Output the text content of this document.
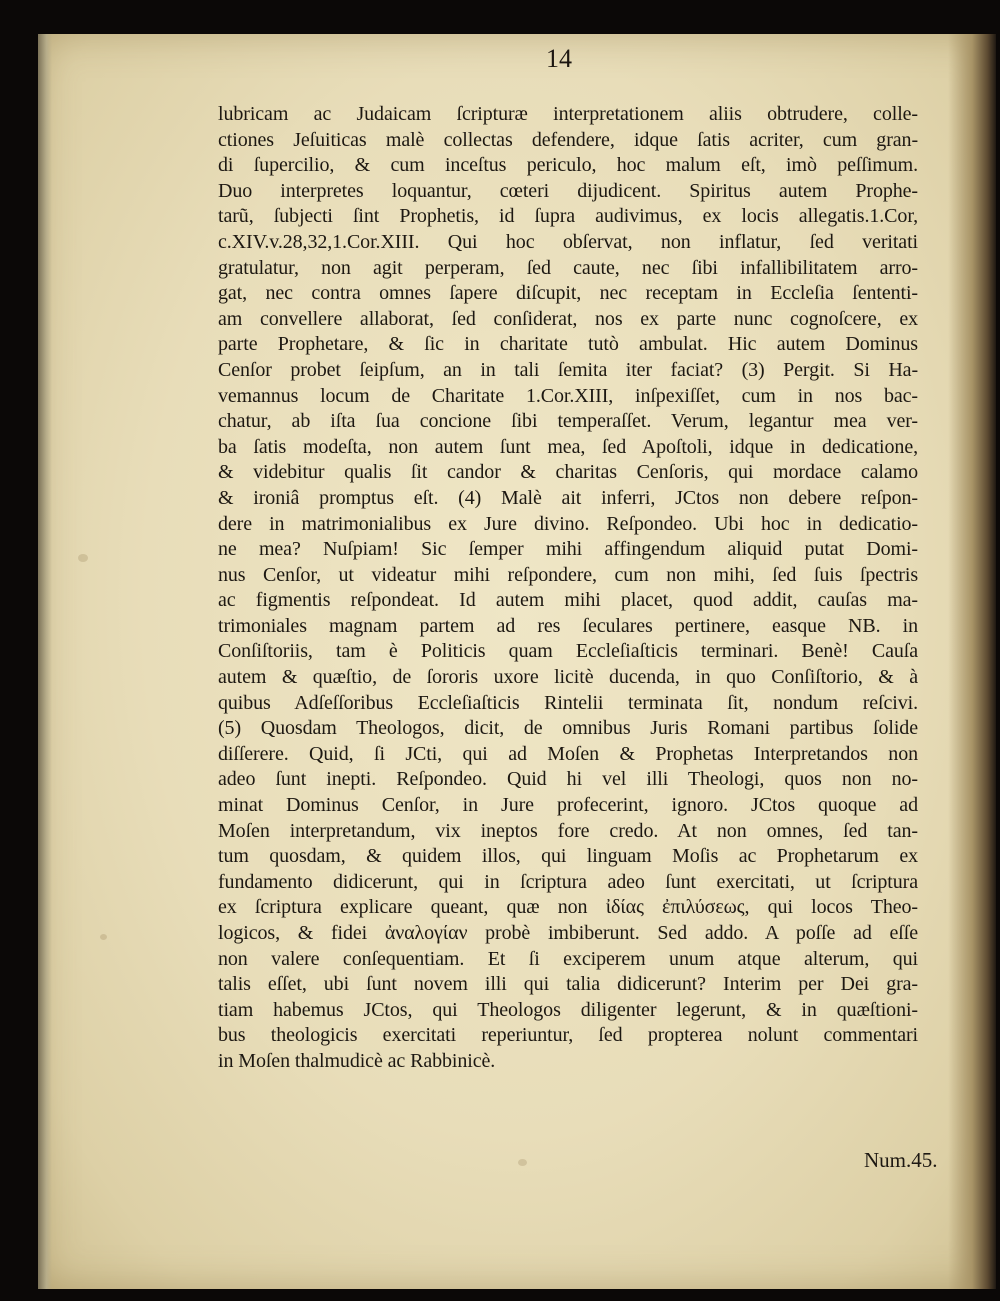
14
lubricam ac Judaicam ſcripturæ interpretationem aliis obtrudere, colle-
ctiones Jeſuiticas malè collectas defendere, idque ſatis acriter, cum gran-
di ſupercilio, & cum inceſtus periculo, hoc malum eſt, imò peſſimum.
Duo interpretes loquantur, cœteri dijudicent. Spiritus autem Prophe-
tarũ, ſubjecti ſint Prophetis, id ſupra audivimus, ex locis allegatis.1.Cor,
c.XIV.v.28,32,1.Cor.XIII. Qui hoc obſervat, non inflatur, ſed veritati
gratulatur, non agit perperam, ſed caute, nec ſibi infallibilitatem arro-
gat, nec contra omnes ſapere diſcupit, nec receptam in Eccleſia ſententi-
am convellere allaborat, ſed conſiderat, nos ex parte nunc cognoſcere, ex
parte Prophetare, & ſic in charitate tutò ambulat. Hic autem Dominus
Cenſor probet ſeipſum, an in tali ſemita iter faciat? (3) Pergit. Si Ha-
vemannus locum de Charitate 1.Cor.XIII, inſpexiſſet, cum in nos bac-
chatur, ab iſta ſua concione ſibi temperaſſet. Verum, legantur mea ver-
ba ſatis modeſta, non autem ſunt mea, ſed Apoſtoli, idque in dedicatione,
& videbitur qualis ſit candor & charitas Cenſoris, qui mordace calamo
& ironiâ promptus eſt. (4) Malè ait inferri, JCtos non debere reſpon-
dere in matrimonialibus ex Jure divino. Reſpondeo. Ubi hoc in dedicatio-
ne mea? Nuſpiam! Sic ſemper mihi affingendum aliquid putat Domi-
nus Cenſor, ut videatur mihi reſpondere, cum non mihi, ſed ſuis ſpectris
ac figmentis reſpondeat. Id autem mihi placet, quod addit, cauſas ma-
trimoniales magnam partem ad res ſeculares pertinere, easque NB. in
Conſiſtoriis, tam è Politicis quam Eccleſiaſticis terminari. Benè! Cauſa
autem & quæſtio, de ſororis uxore licitè ducenda, in quo Conſiſtorio, & à
quibus Adſeſſoribus Eccleſiaſticis Rintelii terminata ſit, nondum reſcivi.
(5) Quosdam Theologos, dicit, de omnibus Juris Romani partibus ſolide
diſſerere. Quid, ſi JCti, qui ad Moſen & Prophetas Interpretandos non
adeo ſunt inepti. Reſpondeo. Quid hi vel illi Theologi, quos non no-
minat Dominus Cenſor, in Jure profecerint, ignoro. JCtos quoque ad
Moſen interpretandum, vix ineptos fore credo. At non omnes, ſed tan-
tum quosdam, & quidem illos, qui linguam Moſis ac Prophetarum ex
fundamento didicerunt, qui in ſcriptura adeo ſunt exercitati, ut ſcriptura
ex ſcriptura explicare queant, quæ non ἰδίας ἐπιλύσεως, qui locos Theo-
logicos, & fidei ἀναλογίαν probè imbiberunt. Sed addo. A poſſe ad eſſe
non valere conſequentiam. Et ſi exciperem unum atque alterum, qui
talis eſſet, ubi ſunt novem illi qui talia didicerunt? Interim per Dei gra-
tiam habemus JCtos, qui Theologos diligenter legerunt, & in quæſtioni-
bus theologicis exercitati reperiuntur, ſed propterea nolunt commentari
in Moſen thalmudicè ac Rabbinicè.
Num.45.
